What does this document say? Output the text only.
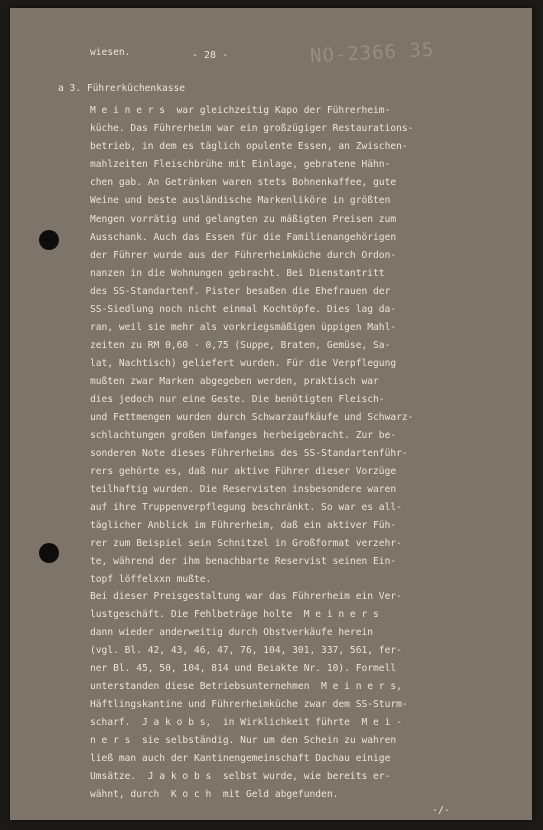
NO-2366 35
- 28 -
wiesen.
a 3. Führerküchenkasse
M e i n e r s  war gleichzeitig Kapo der Führerheim-
küche. Das Führerheim war ein großzügiger Restaurations-
betrieb, in dem es täglich opulente Essen, an Zwischen-
mahlzeiten Fleischbrühe mit Einlage, gebratene Hähn-
chen gab. An Getränken waren stets Bohnenkaffee, gute
Weine und beste ausländische Markenliköre in größten
Mengen vorrätig und gelangten zu mäßigten Preisen zum
Ausschank. Auch das Essen für die Familienangehörigen
der Führer wurde aus der Führerheimküche durch Ordon-
nanzen in die Wohnungen gebracht. Bei Dienstantritt
des SS-Standartenf. Pister besaßen die Ehefrauen der
SS-Siedlung noch nicht einmal Kochtöpfe. Dies lag da-
ran, weil sie mehr als vorkriegsmäßigen üppigen Mahl-
zeiten zu RM 0,60 - 0,75 (Suppe, Braten, Gemüse, Sa-
lat, Nachtisch) geliefert wurden. Für die Verpflegung
mußten zwar Marken abgegeben werden, praktisch war
dies jedoch nur eine Geste. Die benötigten Fleisch-
und Fettmengen wurden durch Schwarzaufkäufe und Schwarz-
schlachtungen großen Umfanges herbeigebracht. Zur be-
sonderen Note dieses Führerheims des SS-Standartenführ-
rers gehörte es, daß nur aktive Führer dieser Vorzüge
teilhaftig wurden. Die Reservisten insbesondere waren
auf ihre Truppenverpflegung beschränkt. So war es all-
täglicher Anblick im Führerheim, daß ein aktiver Füh-
rer zum Beispiel sein Schnitzel in Großformat verzehr-
te, während der ihm benachbarte Reservist seinen Ein-
topf löffelxxn mußte.
Bei dieser Preisgestaltung war das Führerheim ein Ver-
lustgeschäft. Die Fehlbeträge holte  M e i n e r s
dann wieder anderweitig durch Obstverkäufe herein
(vgl. Bl. 42, 43, 46, 47, 76, 104, 301, 337, 561, fer-
ner Bl. 45, 50, 104, 814 und Beiakte Nr. 10). Formell
unterstanden diese Betriebsunternehmen  M e i n e r s,
Häftlingskantine und Führerheimküche zwar dem SS-Sturm-
scharf.  J a k o b s,  in Wirklichkeit führte  M e i -
n e r s  sie selbständig. Nur um den Schein zu wahren
ließ man auch der Kantinengemeinschaft Dachau einige
Umsätze.  J a k o b s  selbst wurde, wie bereits er-
wähnt, durch  K o c h  mit Geld abgefunden.
-/-
